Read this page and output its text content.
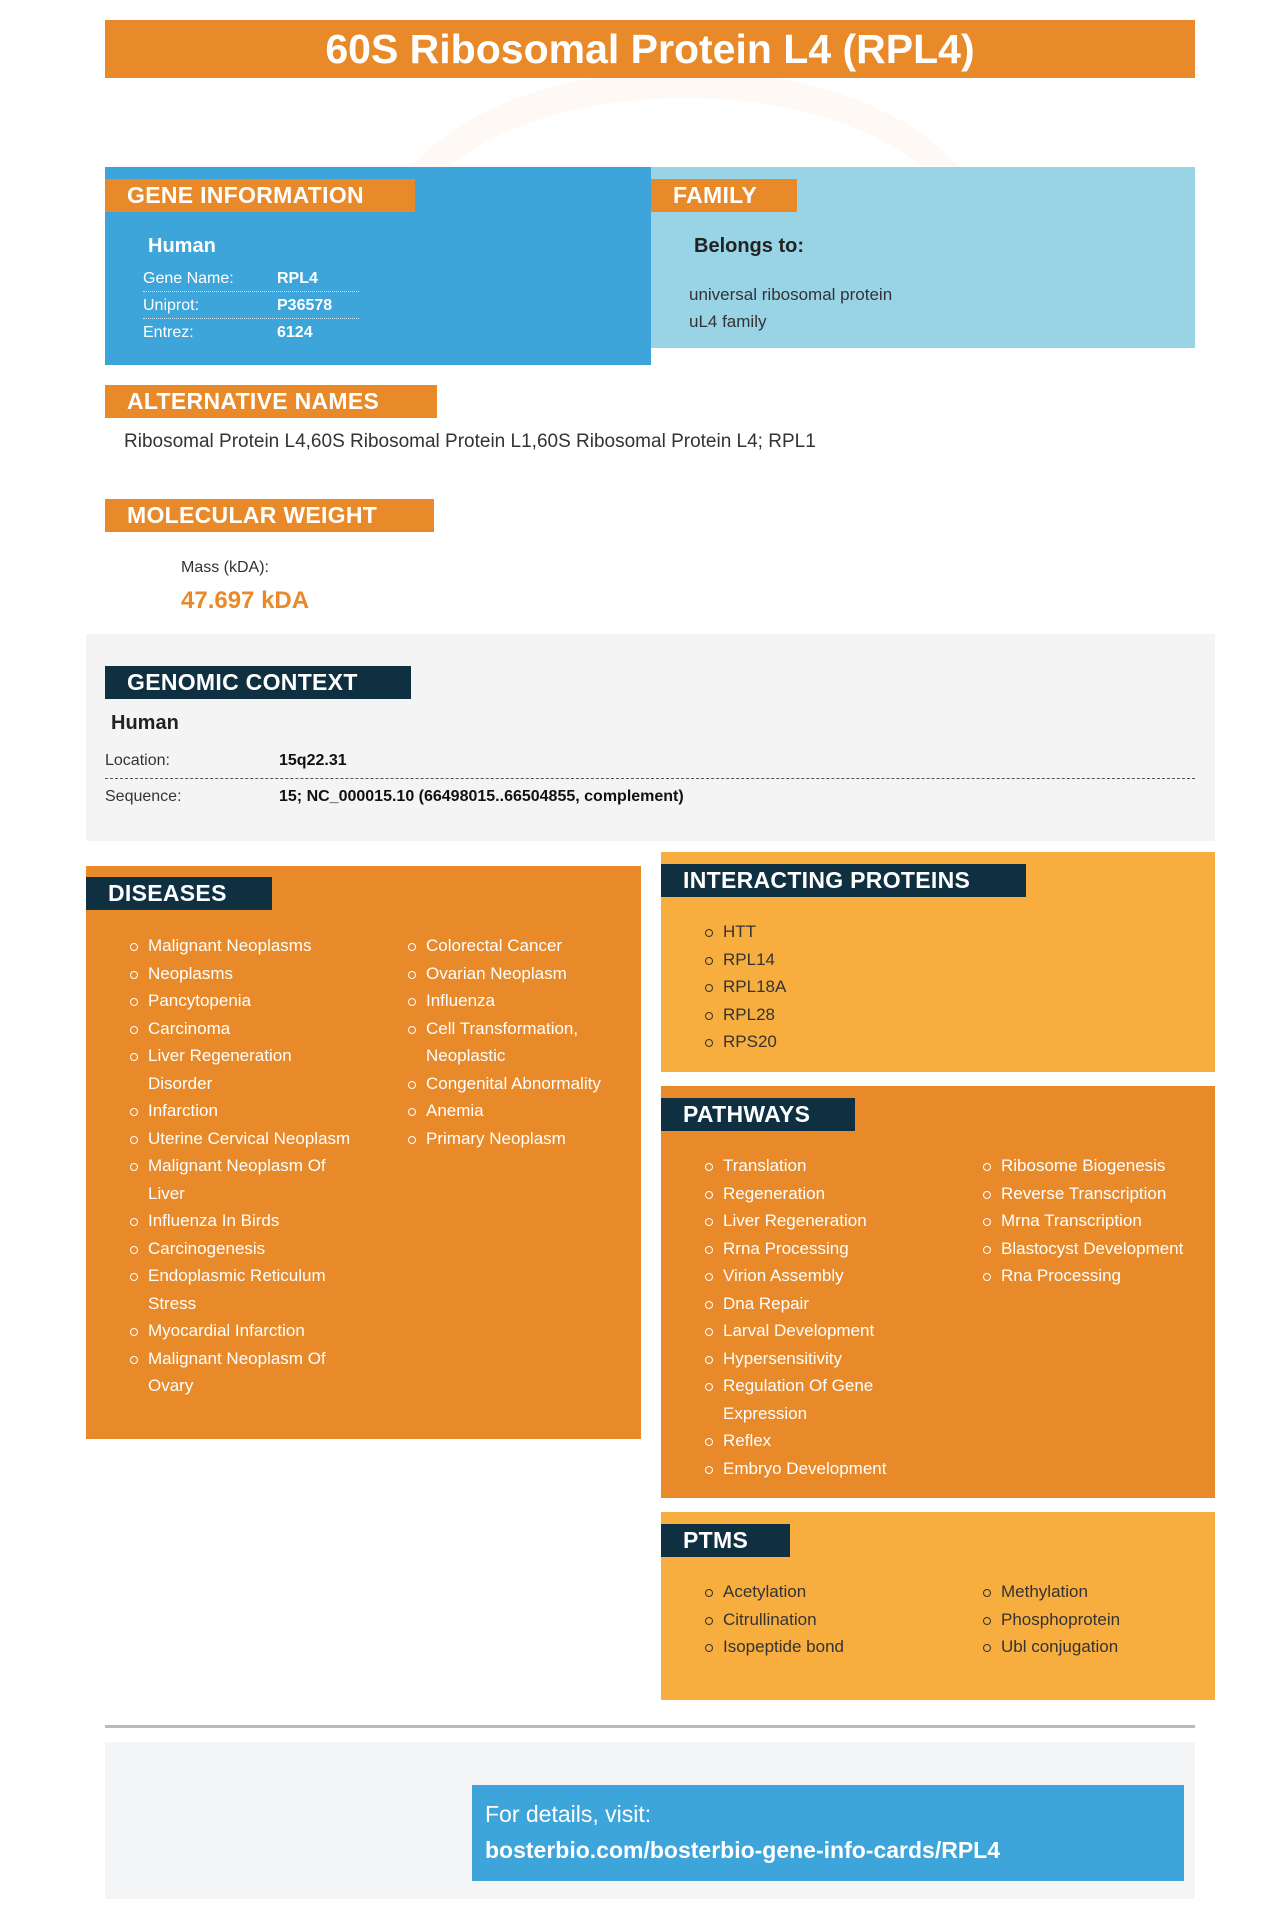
60S Ribosomal Protein L4 (RPL4)
GENE INFORMATION
Human
Gene Name:	RPL4
Uniprot:	P36578
Entrez:	6124
FAMILY
Belongs to:
universal ribosomal protein
uL4 family
ALTERNATIVE NAMES
Ribosomal Protein L4,60S Ribosomal Protein L1,60S Ribosomal Protein L4; RPL1
MOLECULAR WEIGHT
Mass (kDA):
47.697 kDA
GENOMIC CONTEXT
Human
Location:	15q22.31
Sequence:	15; NC_000015.10 (66498015..66504855, complement)
DISEASES
Malignant Neoplasms
Neoplasms
Pancytopenia
Carcinoma
Liver Regeneration Disorder
Infarction
Uterine Cervical Neoplasm
Malignant Neoplasm Of Liver
Influenza In Birds
Carcinogenesis
Endoplasmic Reticulum Stress
Myocardial Infarction
Malignant Neoplasm Of Ovary
Colorectal Cancer
Ovarian Neoplasm
Influenza
Cell Transformation, Neoplastic
Congenital Abnormality
Anemia
Primary Neoplasm
INTERACTING PROTEINS
HTT
RPL14
RPL18A
RPL28
RPS20
PATHWAYS
Translation
Regeneration
Liver Regeneration
Rrna Processing
Virion Assembly
Dna Repair
Larval Development
Hypersensitivity
Regulation Of Gene Expression
Reflex
Embryo Development
Ribosome Biogenesis
Reverse Transcription
Mrna Transcription
Blastocyst Development
Rna Processing
PTMS
Acetylation
Citrullination
Isopeptide bond
Methylation
Phosphoprotein
Ubl conjugation
For details, visit:
bosterbio.com/bosterbio-gene-info-cards/RPL4
